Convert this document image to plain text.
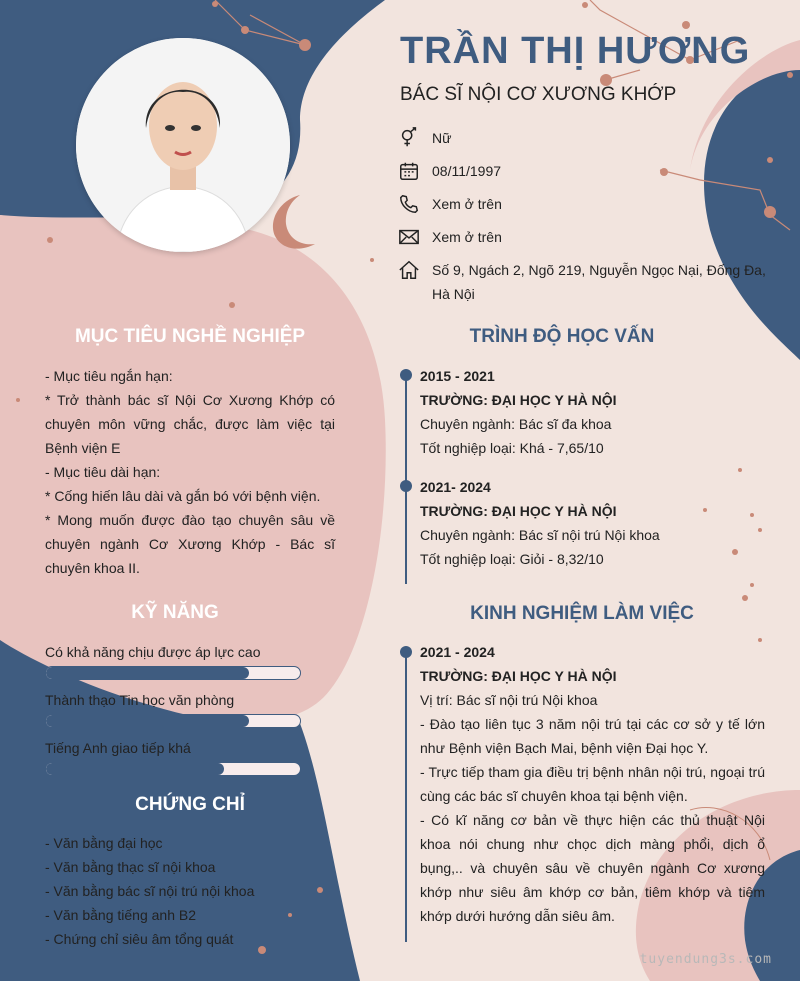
TRẦN THỊ HƯƠNG
BÁC SĨ NỘI CƠ XƯƠNG KHỚP
Nữ
08/11/1997
Xem ở trên
Xem ở trên
Số 9, Ngách 2, Ngõ 219, Nguyễn Ngọc Nại, Đống Đa, Hà Nội
MỤC TIÊU NGHỀ NGHIỆP
- Mục tiêu ngắn hạn:
* Trở thành bác sĩ Nội Cơ Xương Khớp có chuyên môn vững chắc, được làm việc tại Bệnh viện E
- Mục tiêu dài hạn:
* Cống hiến lâu dài và gắn bó với bệnh viện.
* Mong muốn được đào tạo chuyên sâu về chuyên ngành Cơ Xương Khớp - Bác sĩ chuyên khoa II.
KỸ NĂNG
Có khả năng chịu được áp lực cao
Thành thạo Tin học văn phòng
Tiếng Anh giao tiếp khá
CHỨNG CHỈ
- Văn bằng đại học
- Văn bằng thạc sĩ nội khoa
- Văn bằng bác sĩ nội trú nội khoa
- Văn bằng tiếng anh B2
- Chứng chỉ siêu âm tổng quát
TRÌNH ĐỘ HỌC VẤN
2015 - 2021
TRƯỜNG: ĐẠI HỌC Y HÀ NỘI
Chuyên ngành: Bác sĩ đa khoa
Tốt nghiệp loại: Khá - 7,65/10
2021- 2024
TRƯỜNG: ĐẠI HỌC Y HÀ NỘI
Chuyên ngành: Bác sĩ nội trú Nội khoa
Tốt nghiệp loại: Giỏi - 8,32/10
KINH NGHIỆM LÀM VIỆC
2021 - 2024
TRƯỜNG: ĐẠI HỌC Y HÀ NỘI
Vị trí: Bác sĩ nội trú Nội khoa
- Đào tạo liên tục 3 năm nội trú tại các cơ sở y tế lớn như Bệnh viện Bạch Mai, bệnh viện Đại học Y.
- Trực tiếp tham gia điều trị bệnh nhân nội trú, ngoại trú cùng các bác sĩ chuyên khoa tại bệnh viện.
- Có kĩ năng cơ bản về thực hiện các thủ thuật Nội khoa nói chung như chọc dịch màng phổi, dịch ổ bụng,.. và chuyên sâu về chuyên ngành Cơ xương khớp như siêu âm khớp cơ bản, tiêm khớp và tiêm khớp dưới hướng dẫn siêu âm.
tuyendung3s.com
